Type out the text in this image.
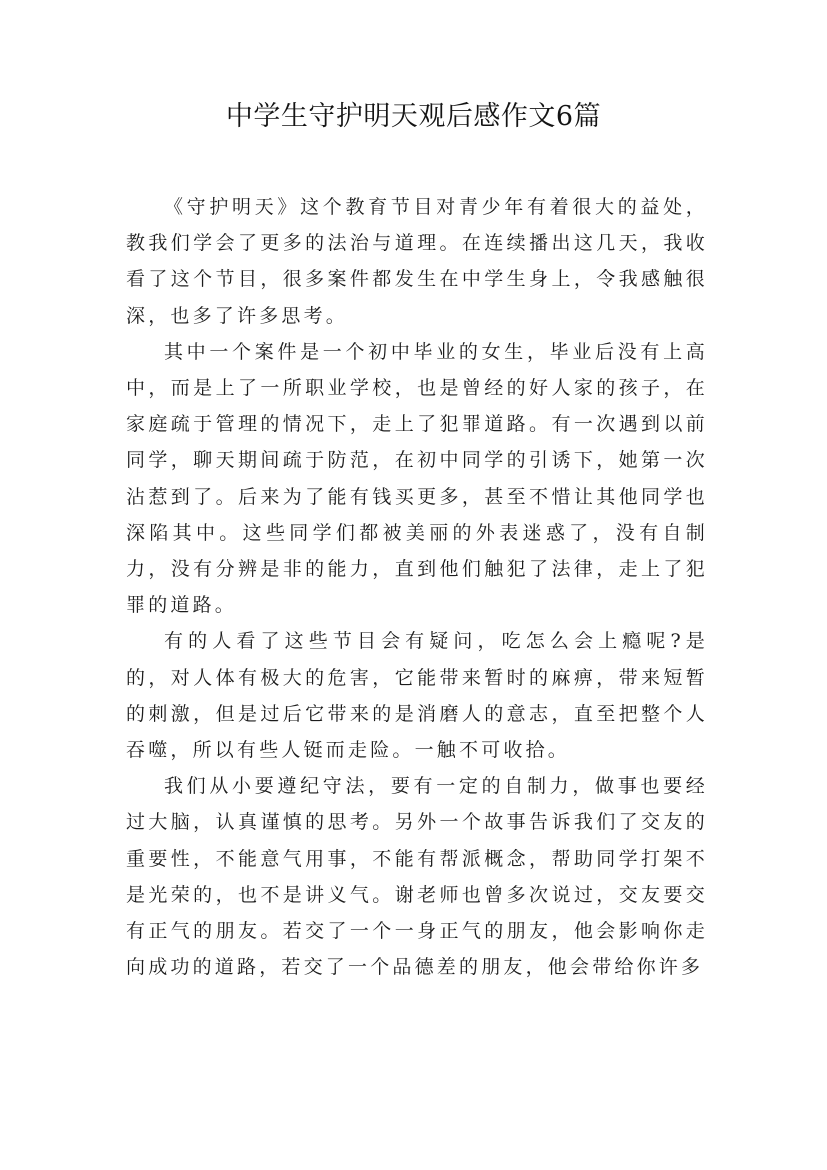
中学生守护明天观后感作文6篇

《守护明天》这个教育节目对青少年有着很大的益处，教我们学会了更多的法治与道理。在连续播出这几天，我收看了这个节目，很多案件都发生在中学生身上，令我感触很深，也多了许多思考。

其中一个案件是一个初中毕业的女生，毕业后没有上高中，而是上了一所职业学校，也是曾经的好人家的孩子，在家庭疏于管理的情况下，走上了犯罪道路。有一次遇到以前同学，聊天期间疏于防范，在初中同学的引诱下，她第一次沾惹到了。后来为了能有钱买更多，甚至不惜让其他同学也深陷其中。这些同学们都被美丽的外表迷惑了，没有自制力，没有分辨是非的能力，直到他们触犯了法律，走上了犯罪的道路。

有的人看了这些节目会有疑问，吃怎么会上瘾呢?是的，对人体有极大的危害，它能带来暂时的麻痹，带来短暂的刺激，但是过后它带来的是消磨人的意志，直至把整个人吞噬，所以有些人铤而走险。一触不可收拾。

我们从小要遵纪守法，要有一定的自制力，做事也要经过大脑，认真谨慎的思考。另外一个故事告诉我们了交友的重要性，不能意气用事，不能有帮派概念，帮助同学打架不是光荣的，也不是讲义气。谢老师也曾多次说过，交友要交有正气的朋友。若交了一个一身正气的朋友，他会影响你走向成功的道路，若交了一个品德差的朋友，他会带给你许多
